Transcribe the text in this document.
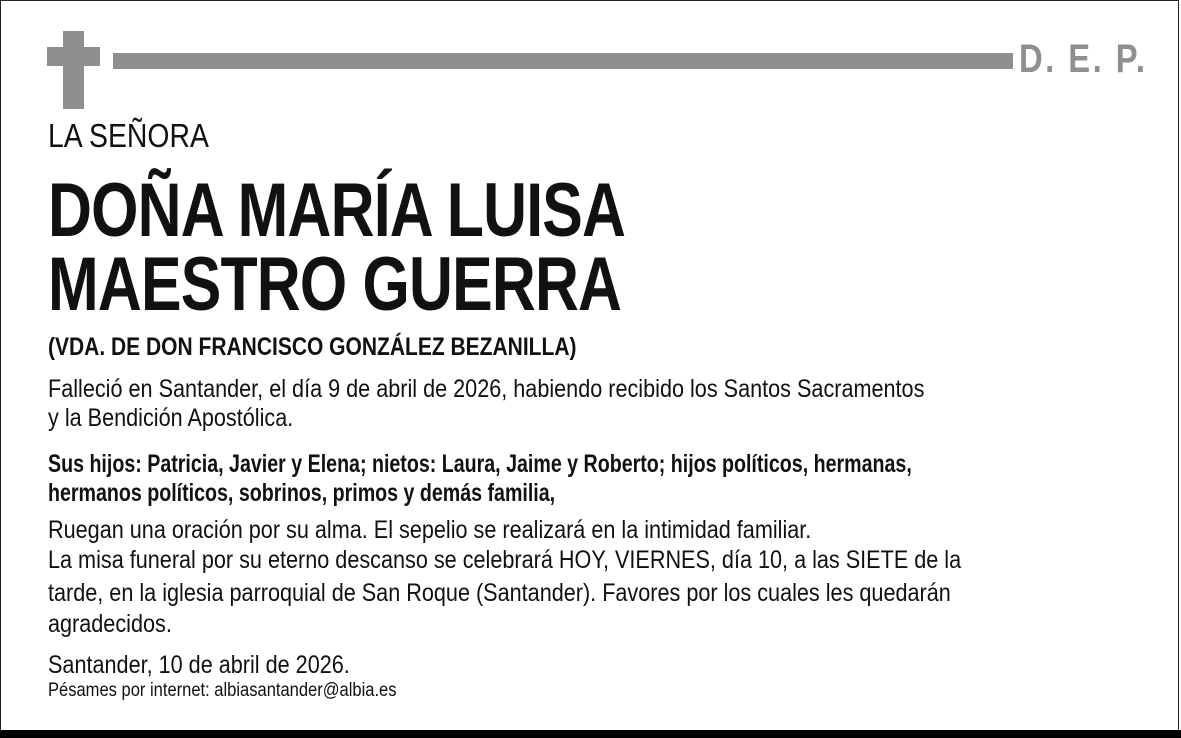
D. E. P.
LA SEÑORA
DOÑA MARÍA LUISA
MAESTRO GUERRA
(VDA. DE DON FRANCISCO GONZÁLEZ BEZANILLA)
Falleció en Santander, el día 9 de abril de 2026, habiendo recibido los Santos Sacramentos
y la Bendición Apostólica.
Sus hijos: Patricia, Javier y Elena; nietos: Laura, Jaime y Roberto; hijos políticos, hermanas,
hermanos políticos, sobrinos, primos y demás familia,
Ruegan una oración por su alma. El sepelio se realizará en la intimidad familiar.
La misa funeral por su eterno descanso se celebrará HOY, VIERNES, día 10, a las SIETE de la
tarde, en la iglesia parroquial de San Roque (Santander). Favores por los cuales les quedarán
agradecidos.
Santander, 10 de abril de 2026.
Pésames por internet: albiasantander@albia.es
